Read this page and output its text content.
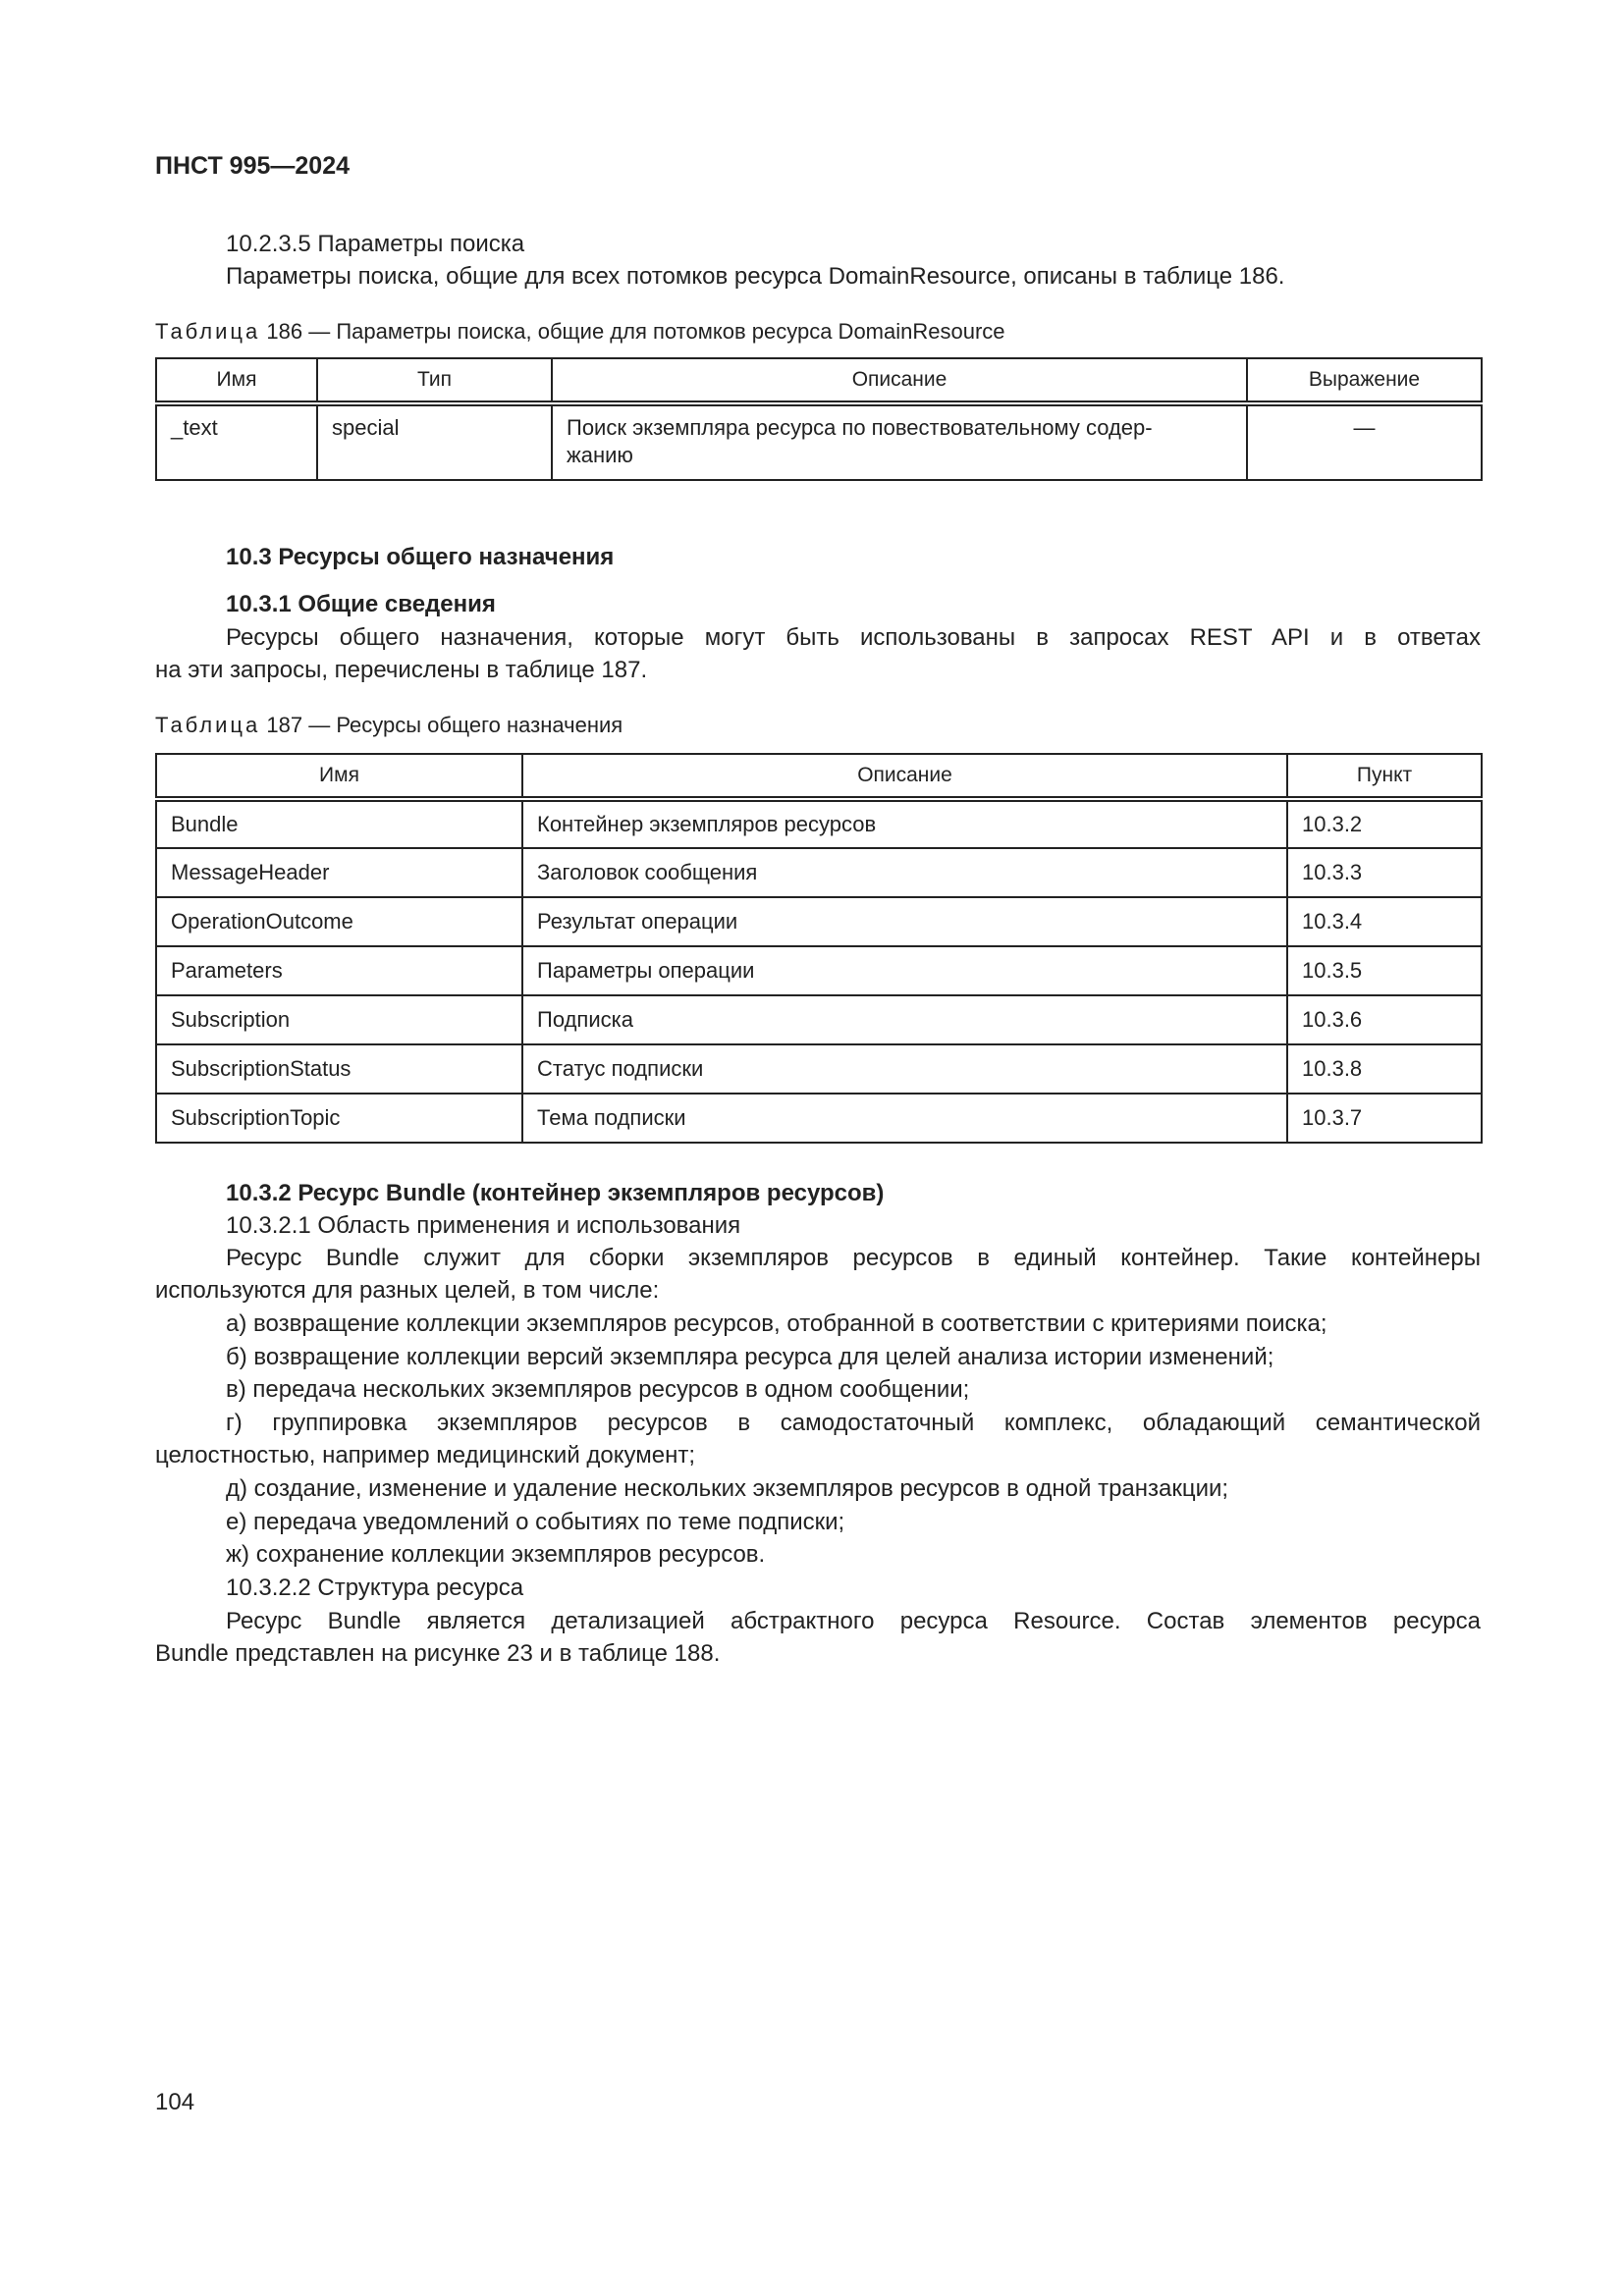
ПНСТ 995—2024
10.2.3.5 Параметры поиска
Параметры поиска, общие для всех потомков ресурса DomainResource, описаны в таблице 186.
Таблица 186 — Параметры поиска, общие для потомков ресурса DomainResource
Имя	Тип	Описание	Выражение
_text	special	Поиск экземпляра ресурса по повествовательному содер-
жанию	—
10.3 Ресурсы общего назначения
10.3.1 Общие сведения
Ресурсы общего назначения, которые могут быть использованы в запросах REST API и в ответах
на эти запросы, перечислены в таблице 187.
Таблица 187 — Ресурсы общего назначения
Имя	Описание	Пункт
Bundle	Контейнер экземпляров ресурсов	10.3.2
MessageHeader	Заголовок сообщения	10.3.3
OperationOutcome	Результат операции	10.3.4
Parameters	Параметры операции	10.3.5
Subscription	Подписка	10.3.6
SubscriptionStatus	Статус подписки	10.3.8
SubscriptionTopic	Тема подписки	10.3.7
10.3.2 Ресурс Bundle (контейнер экземпляров ресурсов)
10.3.2.1 Область применения и использования
Ресурс Bundle служит для сборки экземпляров ресурсов в единый контейнер. Такие контейнеры
используются для разных целей, в том числе:
а) возвращение коллекции экземпляров ресурсов, отобранной в соответствии с критериями поиска;
б) возвращение коллекции версий экземпляра ресурса для целей анализа истории изменений;
в) передача нескольких экземпляров ресурсов в одном сообщении;
г) группировка экземпляров ресурсов в самодостаточный комплекс, обладающий семантической
целостностью, например медицинский документ;
д) создание, изменение и удаление нескольких экземпляров ресурсов в одной транзакции;
е) передача уведомлений о событиях по теме подписки;
ж) сохранение коллекции экземпляров ресурсов.
10.3.2.2 Структура ресурса
Ресурс Bundle является детализацией абстрактного ресурса Resource. Состав элементов ресурса
Bundle представлен на рисунке 23 и в таблице 188.
104
